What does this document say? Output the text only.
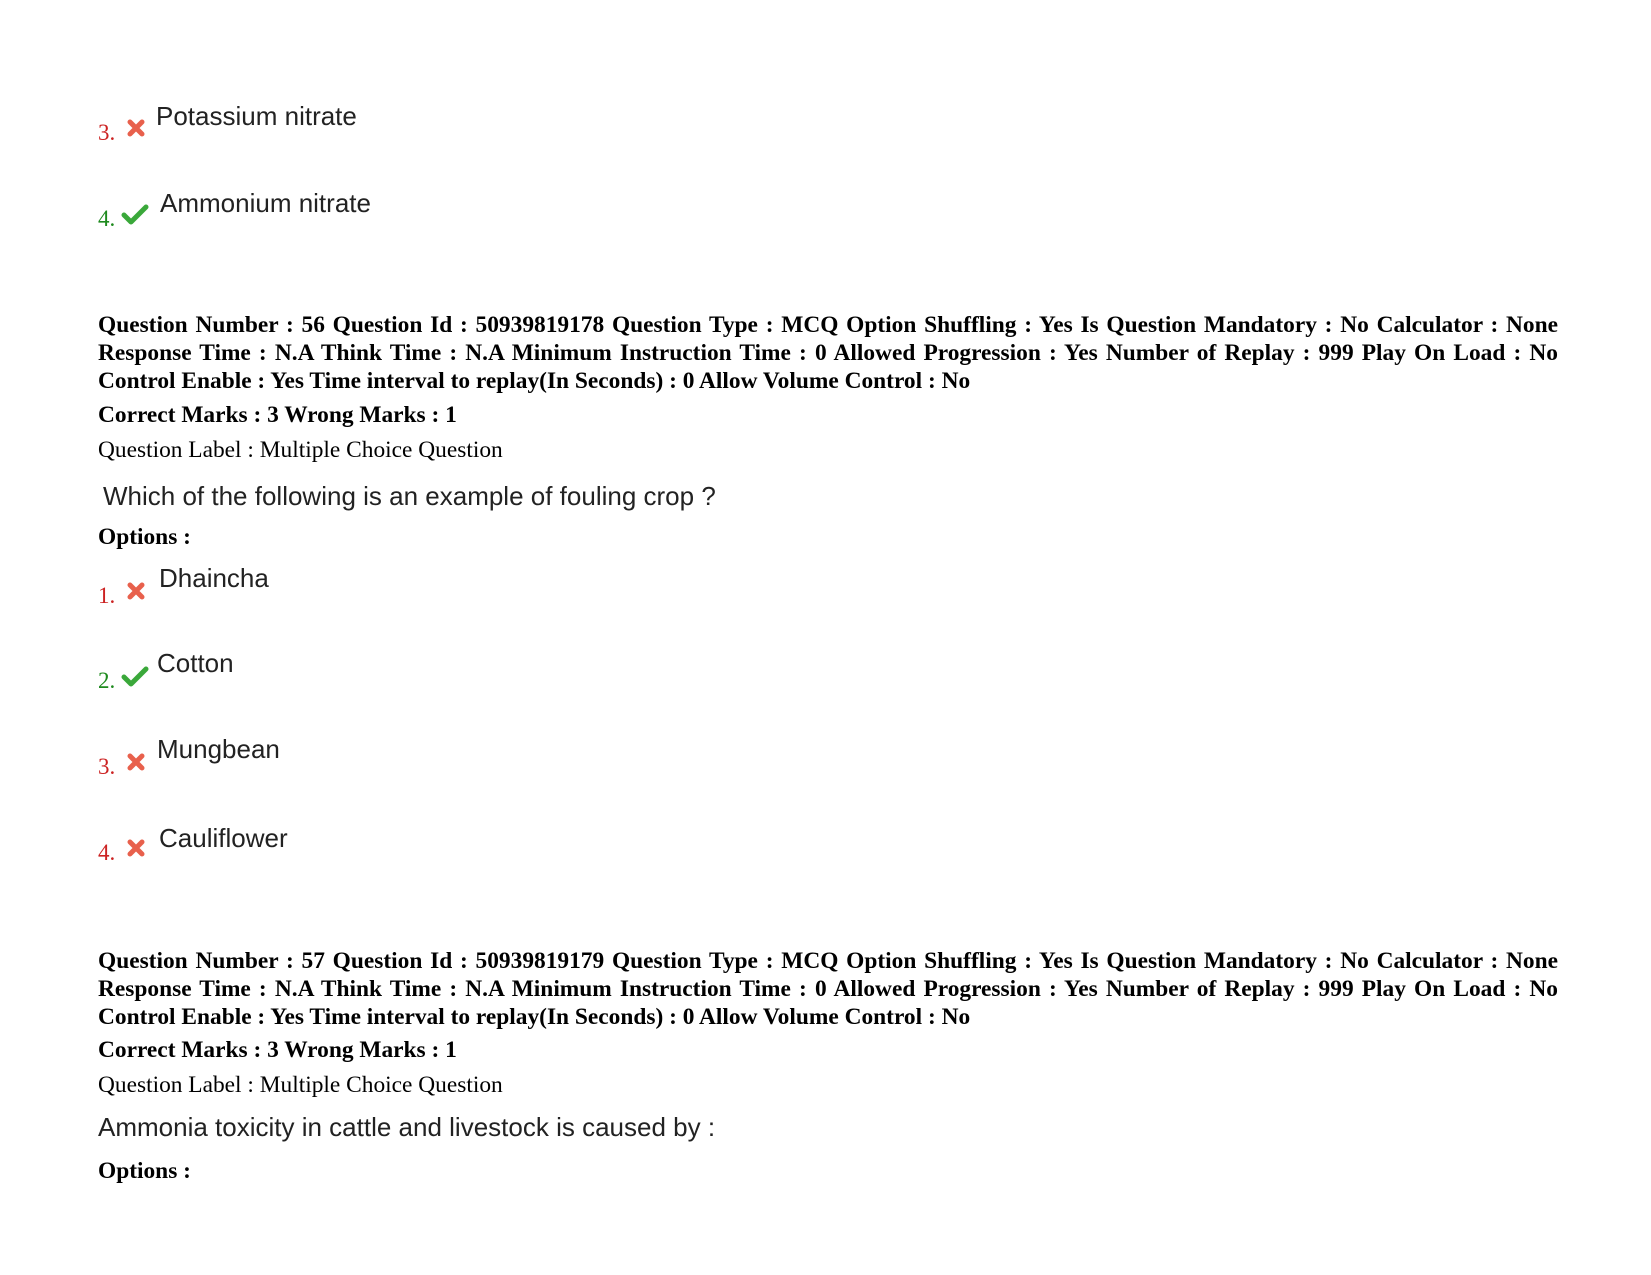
3.
Potassium nitrate
4.
Ammonium nitrate
Question Number : 56 Question Id : 50939819178 Question Type : MCQ Option Shuffling : Yes Is Question Mandatory : No Calculator : None Response Time : N.A Think Time : N.A Minimum Instruction Time : 0 Allowed Progression : Yes Number of Replay : 999 Play On Load : No Control Enable : Yes Time interval to replay(In Seconds) : 0 Allow Volume Control : No
Correct Marks : 3 Wrong Marks : 1
Question Label : Multiple Choice Question
Which of the following is an example of fouling crop ?
Options :
1.
Dhaincha
2.
Cotton
3.
Mungbean
4. Cauliflower
Question Number : 57 Question Id : 50939819179 Question Type : MCQ Option Shuffling : Yes Is Question Mandatory : No Calculator : None Response Time : N.A Think Time : N.A Minimum Instruction Time : 0 Allowed Progression : Yes Number of Replay : 999 Play On Load : No Control Enable : Yes Time interval to replay(In Seconds) : 0 Allow Volume Control : No
Correct Marks : 3 Wrong Marks : 1
Question Label : Multiple Choice Question
Ammonia toxicity in cattle and livestock is caused by :
Options :
